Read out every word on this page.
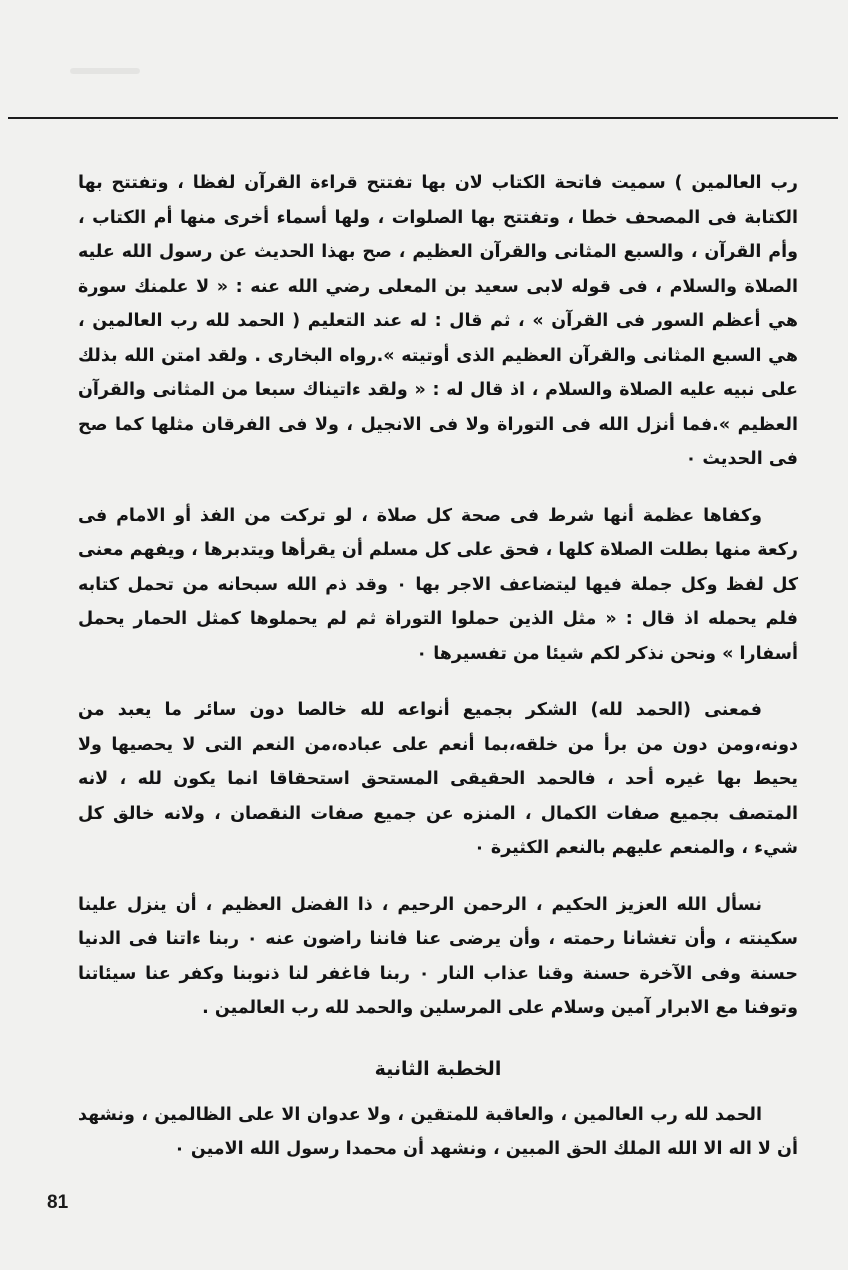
رب العالمين ) سميت فاتحة الكتاب لان بها تفتتح قراءة القرآن لفظا ، وتفتتح بها الكتابة فى المصحف خطا ، وتفتتح بها الصلوات ، ولها أسماء أخرى منها أم الكتاب ، وأم القرآن ، والسبع المثانى والقرآن العظيم ، صح بهذا الحديث عن رسول الله عليه الصلاة والسلام ، فى قوله لابى سعيد بن المعلى رضي الله عنه : « لا علمنك سورة هي أعظم السور فى القرآن » ، ثم قال : له عند التعليم ( الحمد لله رب العالمين ، هي السبع المثانى والقرآن العظيم الذى أوتيته ».رواه البخارى . ولقد امتن الله بذلك على نبيه عليه الصلاة والسلام ، اذ قال له : « ولقد ءاتيناك سبعا من المثانى والقرآن العظيم ».فما أنزل الله فى التوراة ولا فى الانجيل ، ولا فى الفرقان مثلها كما صح فى الحديث ٠

وكفاها عظمة أنها شرط فى صحة كل صلاة ، لو تركت من الفذ أو الامام فى ركعة منها بطلت الصلاة كلها ، فحق على كل مسلم أن يقرأها ويتدبرها ، ويفهم معنى كل لفظ وكل جملة فيها ليتضاعف الاجر بها ٠ وقد ذم الله سبحانه من تحمل كتابه فلم يحمله اذ قال : « مثل الذين حملوا التوراة ثم لم يحملوها كمثل الحمار يحمل أسفارا » ونحن نذكر لكم شيئا من تفسيرها ٠

فمعنى (الحمد لله) الشكر بجميع أنواعه لله خالصا دون سائر ما يعبد من دونه،ومن دون من برأ من خلقه،بما أنعم على عباده،من النعم التى لا يحصيها ولا يحيط بها غيره أحد ، فالحمد الحقيقى المستحق استحقاقا انما يكون لله ، لانه المتصف بجميع صفات الكمال ، المنزه عن جميع صفات النقصان ، ولانه خالق كل شيء ، والمنعم عليهم بالنعم الكثيرة ٠

نسأل الله العزيز الحكيم ، الرحمن الرحيم ، ذا الفضل العظيم ، أن ينزل علينا سكينته ، وأن تغشانا رحمته ، وأن يرضى عنا فاننا راضون عنه ٠ ربنا ءاتنا فى الدنيا حسنة وفى الآخرة حسنة وقنا عذاب النار ٠ ربنا فاغفر لنا ذنوبنا وكفر عنا سيئاتنا وتوفنا مع الابرار آمين وسلام على المرسلين والحمد لله رب العالمين .

الخطبة الثانية

الحمد لله رب العالمين ، والعاقبة للمتقين ، ولا عدوان الا على الظالمين ، ونشهد أن لا اله الا الله الملك الحق المبين ، ونشهد أن محمدا رسول الله الامين ٠

81
